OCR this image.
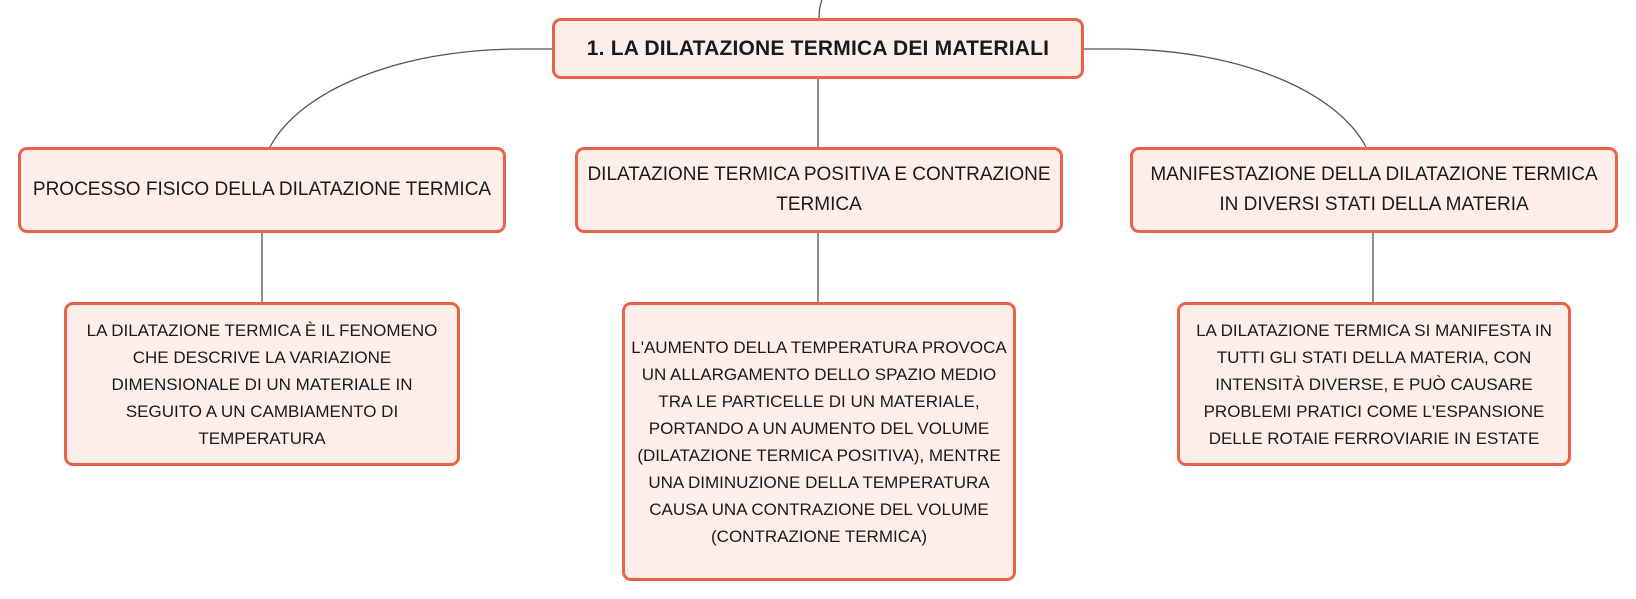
1. LA DILATAZIONE TERMICA DEI MATERIALI
PROCESSO FISICO DELLA DILATAZIONE TERMICA
DILATAZIONE TERMICA POSITIVA E CONTRAZIONE TERMICA
MANIFESTAZIONE DELLA DILATAZIONE TERMICA IN DIVERSI STATI DELLA MATERIA
LA DILATAZIONE TERMICA È IL FENOMENO CHE DESCRIVE LA VARIAZIONE DIMENSIONALE DI UN MATERIALE IN SEGUITO A UN CAMBIAMENTO DI TEMPERATURA
L'AUMENTO DELLA TEMPERATURA PROVOCA UN ALLARGAMENTO DELLO SPAZIO MEDIO TRA LE PARTICELLE DI UN MATERIALE, PORTANDO A UN AUMENTO DEL VOLUME (DILATAZIONE TERMICA POSITIVA), MENTRE UNA DIMINUZIONE DELLA TEMPERATURA CAUSA UNA CONTRAZIONE DEL VOLUME (CONTRAZIONE TERMICA)
LA DILATAZIONE TERMICA SI MANIFESTA IN TUTTI GLI STATI DELLA MATERIA, CON INTENSITÀ DIVERSE, E PUÒ CAUSARE PROBLEMI PRATICI COME L'ESPANSIONE DELLE ROTAIE FERROVIARIE IN ESTATE
